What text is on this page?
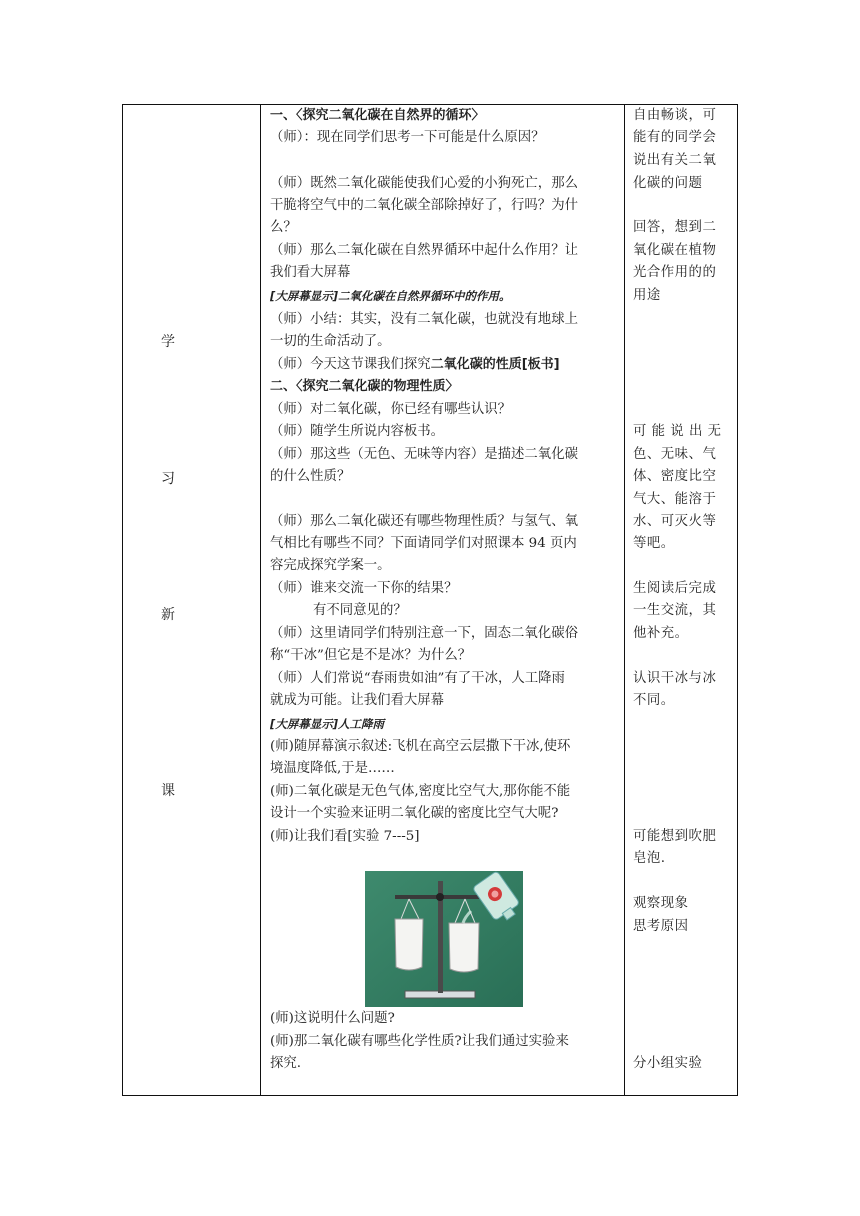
学
习
新
课
一、〈探究二氧化碳在自然界的循环〉
（师）：现在同学们思考一下可能是什么原因？
（师）既然二氧化碳能使我们心爱的小狗死亡，那么
干脆将空气中的二氧化碳全部除掉好了，行吗？为什
么？
（师）那么二氧化碳在自然界循环中起什么作用？让
我们看大屏幕
[大屏幕显示]二氧化碳在自然界循环中的作用。
（师）小结：其实，没有二氧化碳，也就没有地球上
一切的生命活动了。
（师）今天这节课我们探究二氧化碳的性质[板书]
二、〈探究二氧化碳的物理性质〉
（师）对二氧化碳，你已经有哪些认识？
（师）随学生所说内容板书。
（师）那这些（无色、无味等内容）是描述二氧化碳
的什么性质？
（师）那么二氧化碳还有哪些物理性质？与氢气、氧
气相比有哪些不同？下面请同学们对照课本 94 页内
容完成探究学案一。
（师）谁来交流一下你的结果？
有不同意见的？
（师）这里请同学们特别注意一下，固态二氧化碳俗
称“干冰”但它是不是冰？为什么？
（师）人们常说“春雨贵如油”有了干冰，人工降雨
就成为可能。让我们看大屏幕
[大屏幕显示]人工降雨
(师)随屏幕演示叙述:飞机在高空云层撒下干冰,使环
境温度降低,于是……
(师)二氧化碳是无色气体,密度比空气大,那你能不能
设计一个实验来证明二氧化碳的密度比空气大呢?
(师)让我们看[实验 7---5]
(师)这说明什么问题?
(师)那二氧化碳有哪些化学性质?让我们通过实验来
探究.
自由畅谈，可
能有的同学会
说出有关二氧
化碳的问题
回答，想到二
氧化碳在植物
光合作用的的
用途
可 能 说 出 无
色、无味、气
体、密度比空
气大、能溶于
水、可灭火等
等吧。
生阅读后完成
一生交流，其
他补充。
认识干冰与冰
不同。
可能想到吹肥
皂泡.
观察现象
思考原因
分小组实验
